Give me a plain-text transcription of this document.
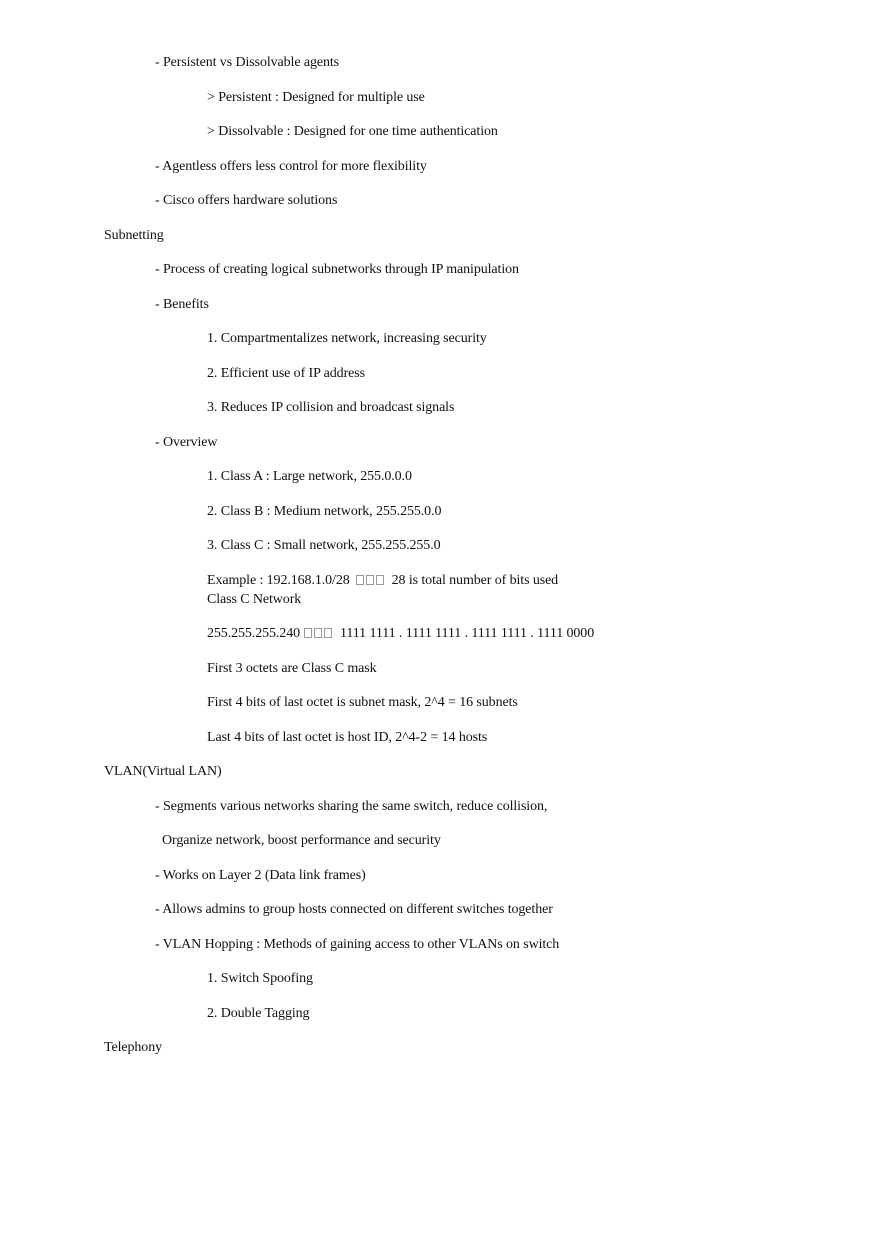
- Persistent vs Dissolvable agents
> Persistent : Designed for multiple use
> Dissolvable : Designed for one time authentication
- Agentless offers less control for more flexibility
- Cisco offers hardware solutions
Subnetting
- Process of creating logical subnetworks through IP manipulation
- Benefits
1. Compartmentalizes network, increasing security
2. Efficient use of IP address
3. Reduces IP collision and broadcast signals
- Overview
1. Class A : Large network, 255.0.0.0
2. Class B : Medium network, 255.255.0.0
3. Class C : Small network, 255.255.255.0
Example : 192.168.1.0/28	28 is total number of bits used
Class C Network
255.255.255.240	1111 1111 . 1111 1111 . 1111 1111 . 1111 0000
First 3 octets are Class C mask
First 4 bits of last octet is subnet mask, 2^4 = 16 subnets
Last 4 bits of last octet is host ID, 2^4-2 = 14 hosts
VLAN(Virtual LAN)
- Segments various networks sharing the same switch, reduce collision,
Organize network, boost performance and security
- Works on Layer 2 (Data link frames)
- Allows admins to group hosts connected on different switches together
- VLAN Hopping : Methods of gaining access to other VLANs on switch
1. Switch Spoofing
2. Double Tagging
Telephony
